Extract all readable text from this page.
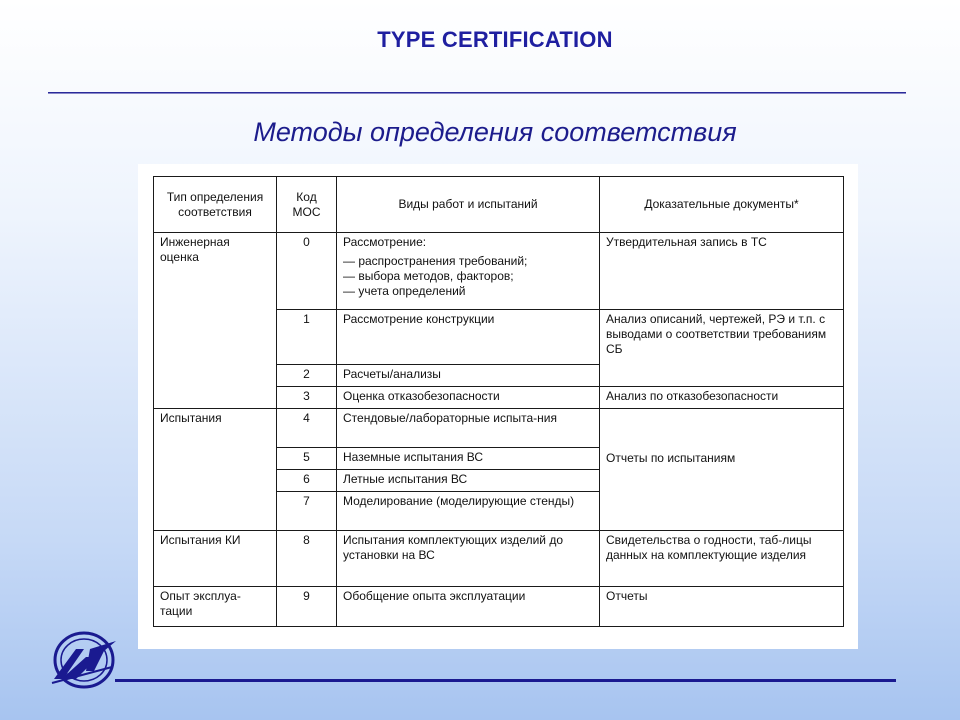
TYPE CERTIFICATION
Методы определения соответствия
Тип определения соответствия	Код МОС	Виды работ и испытаний	Доказательные документы*
Инженерная оценка	0	Рассмотрение:
— распространения требований;
— выбора методов, факторов;
— учета определений	Утвердительная запись в ТС
	1	Рассмотрение конструкции	Анализ описаний, чертежей, РЭ и т.п. с выводами о соответствии требованиям СБ
	2	Расчеты/анализы	
	3	Оценка отказобезопасности	Анализ по отказобезопасности
Испытания	4	Стендовые/лабораторные испыта-ния	Отчеты по испытаниям
	5	Наземные испытания ВС	
	6	Летные испытания ВС	
	7	Моделирование (моделирующие стенды)	
Испытания КИ	8	Испытания комплектующих изделий до установки на ВС	Свидетельства о годности, таб-лицы данных на комплектующие изделия
Опыт эксплуа-тации	9	Обобщение опыта эксплуатации	Отчеты
